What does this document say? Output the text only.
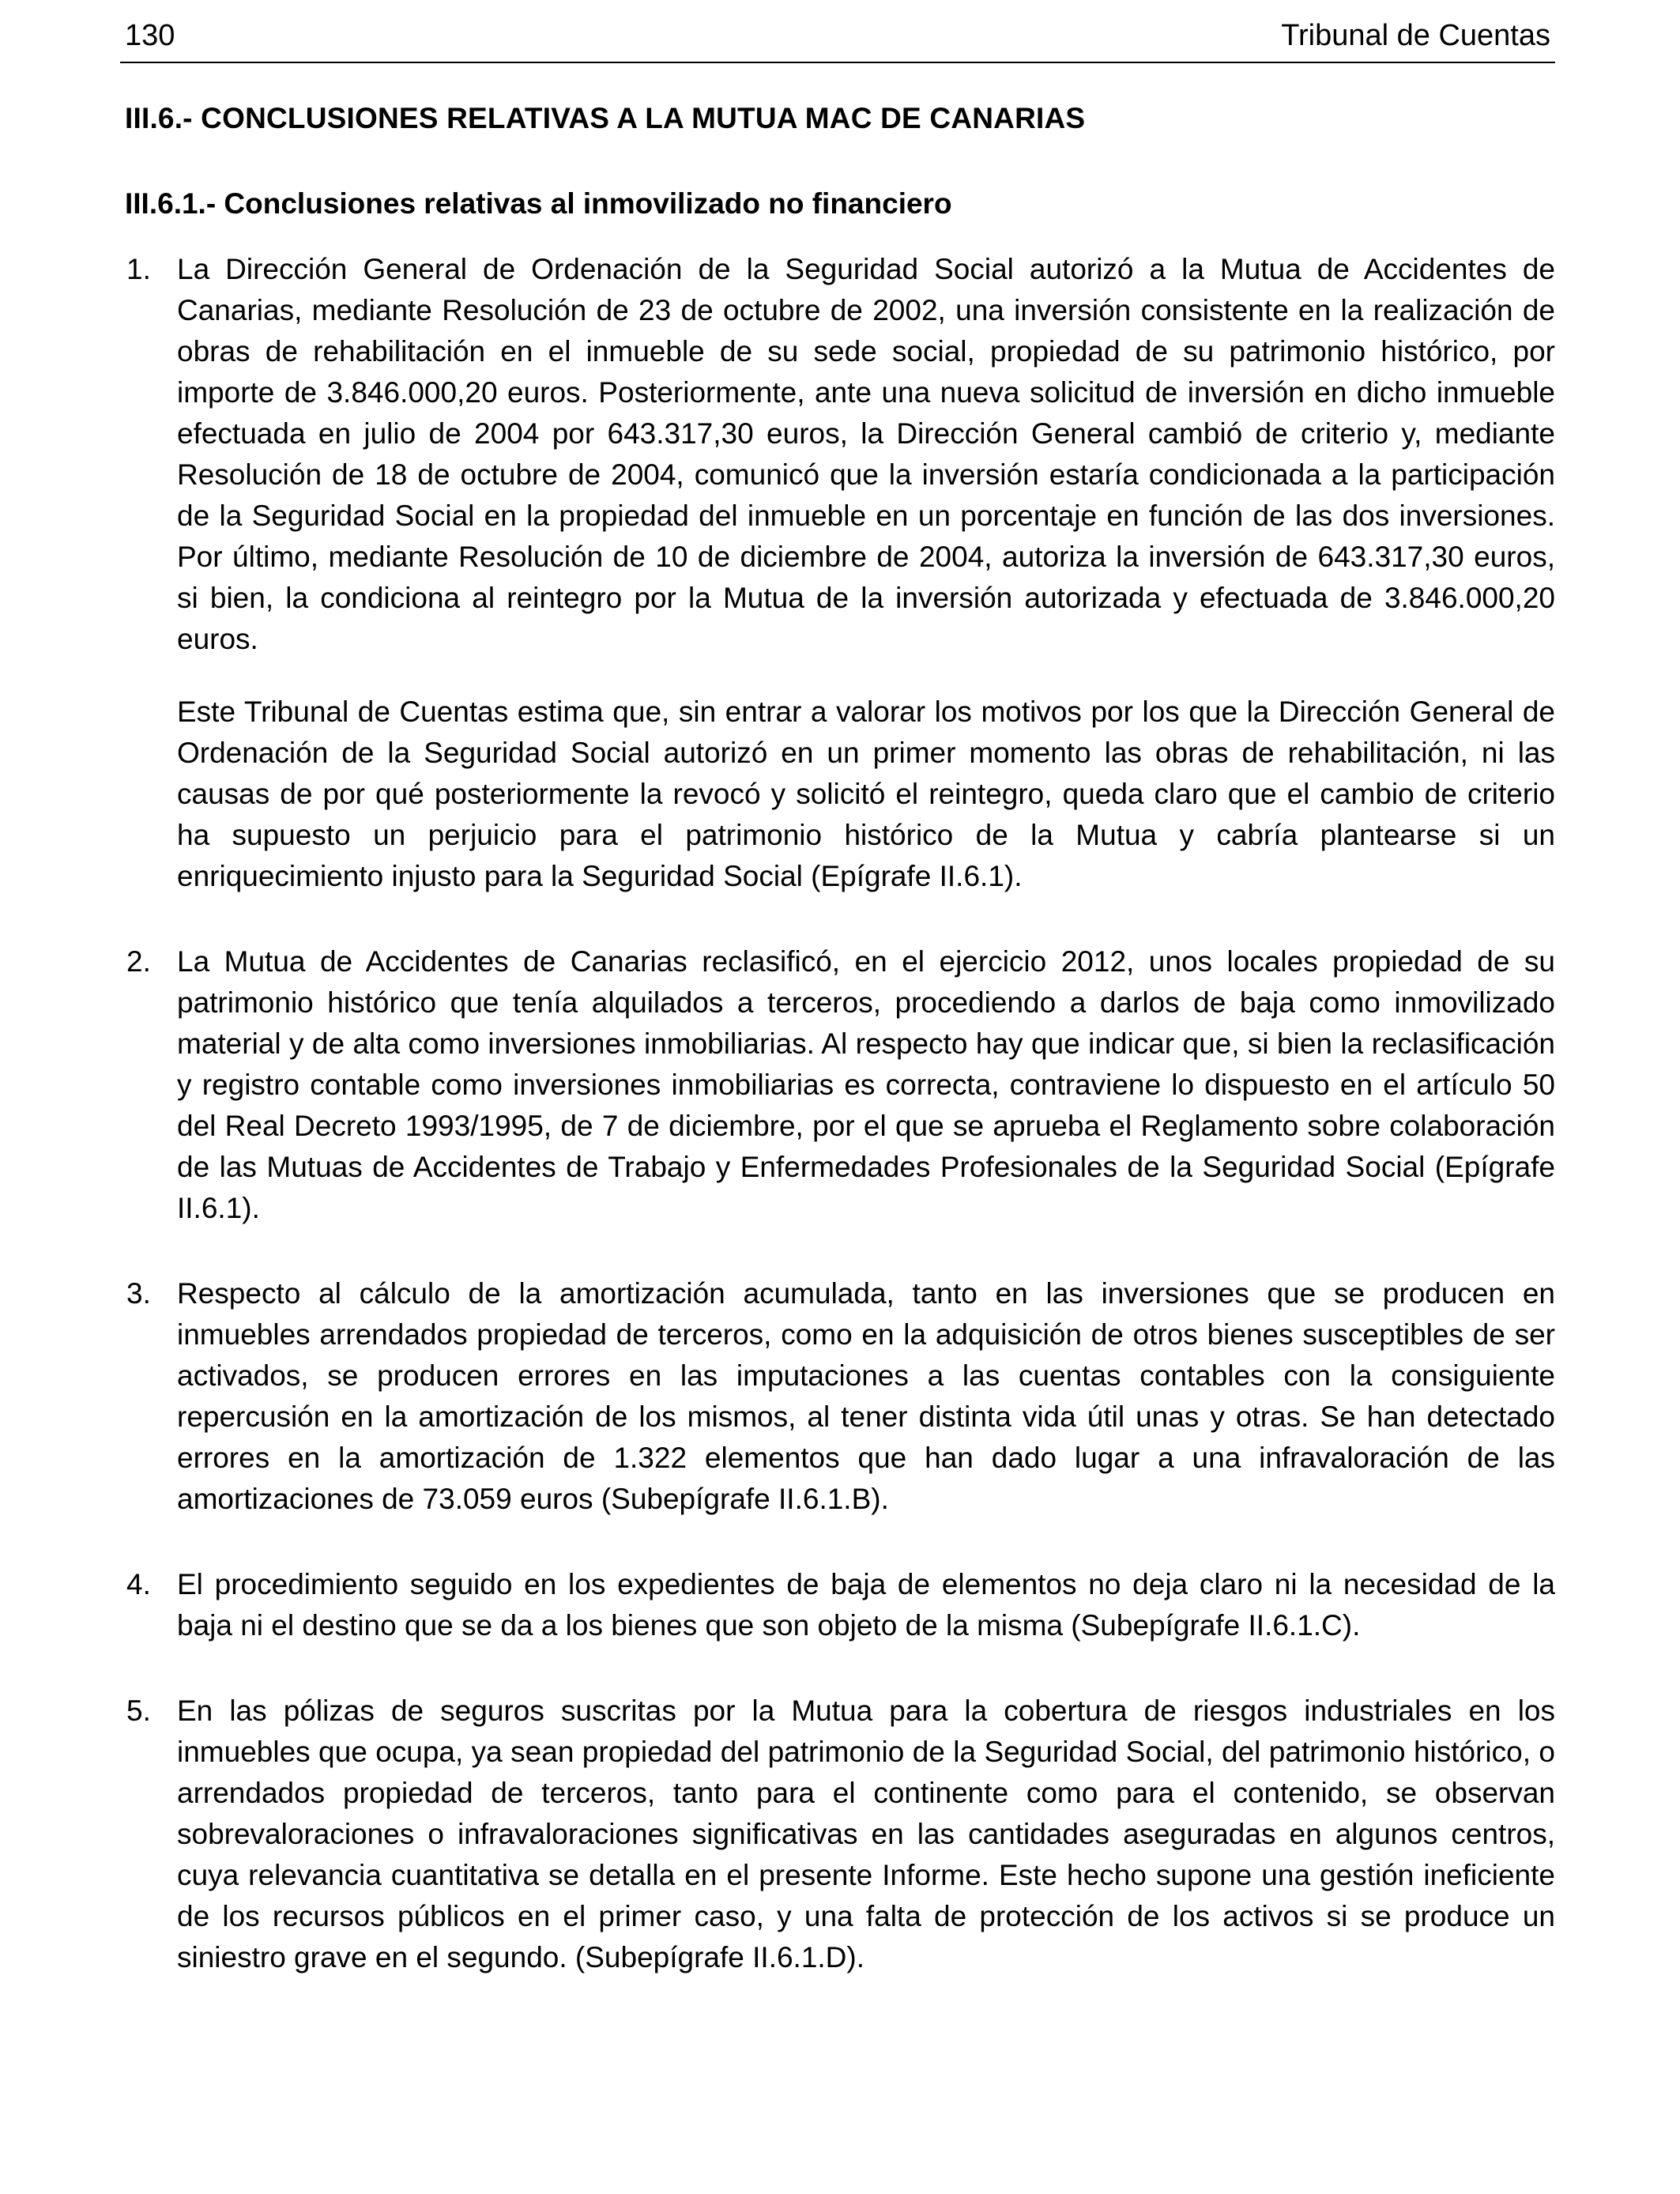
130	Tribunal de Cuentas
III.6.- CONCLUSIONES RELATIVAS A LA MUTUA MAC DE CANARIAS
III.6.1.- Conclusiones relativas al inmovilizado no financiero
1. La Dirección General de Ordenación de la Seguridad Social autorizó a la Mutua de Accidentes de Canarias, mediante Resolución de 23 de octubre de 2002, una inversión consistente en la realización de obras de rehabilitación en el inmueble de su sede social, propiedad de su patrimonio histórico, por importe de 3.846.000,20 euros. Posteriormente, ante una nueva solicitud de inversión en dicho inmueble efectuada en julio de 2004 por 643.317,30 euros, la Dirección General cambió de criterio y, mediante Resolución de 18 de octubre de 2004, comunicó que la inversión estaría condicionada a la participación de la Seguridad Social en la propiedad del inmueble en un porcentaje en función de las dos inversiones. Por último, mediante Resolución de 10 de diciembre de 2004, autoriza la inversión de 643.317,30 euros, si bien, la condiciona al reintegro por la Mutua de la inversión autorizada y efectuada de 3.846.000,20 euros.

Este Tribunal de Cuentas estima que, sin entrar a valorar los motivos por los que la Dirección General de Ordenación de la Seguridad Social autorizó en un primer momento las obras de rehabilitación, ni las causas de por qué posteriormente la revocó y solicitó el reintegro, queda claro que el cambio de criterio ha supuesto un perjuicio para el patrimonio histórico de la Mutua y cabría plantearse si un enriquecimiento injusto para la Seguridad Social (Epígrafe II.6.1).

2. La Mutua de Accidentes de Canarias reclasificó, en el ejercicio 2012, unos locales propiedad de su patrimonio histórico que tenía alquilados a terceros, procediendo a darlos de baja como inmovilizado material y de alta como inversiones inmobiliarias. Al respecto hay que indicar que, si bien la reclasificación y registro contable como inversiones inmobiliarias es correcta, contraviene lo dispuesto en el artículo 50 del Real Decreto 1993/1995, de 7 de diciembre, por el que se aprueba el Reglamento sobre colaboración de las Mutuas de Accidentes de Trabajo y Enfermedades Profesionales de la Seguridad Social (Epígrafe II.6.1).

3. Respecto al cálculo de la amortización acumulada, tanto en las inversiones que se producen en inmuebles arrendados propiedad de terceros, como en la adquisición de otros bienes susceptibles de ser activados, se producen errores en las imputaciones a las cuentas contables con la consiguiente repercusión en la amortización de los mismos, al tener distinta vida útil unas y otras. Se han detectado errores en la amortización de 1.322 elementos que han dado lugar a una infravaloración de las amortizaciones de 73.059 euros (Subepígrafe II.6.1.B).

4. El procedimiento seguido en los expedientes de baja de elementos no deja claro ni la necesidad de la baja ni el destino que se da a los bienes que son objeto de la misma (Subepígrafe II.6.1.C).

5. En las pólizas de seguros suscritas por la Mutua para la cobertura de riesgos industriales en los inmuebles que ocupa, ya sean propiedad del patrimonio de la Seguridad Social, del patrimonio histórico, o arrendados propiedad de terceros, tanto para el continente como para el contenido, se observan sobrevaloraciones o infravaloraciones significativas en las cantidades aseguradas en algunos centros, cuya relevancia cuantitativa se detalla en el presente Informe. Este hecho supone una gestión ineficiente de los recursos públicos en el primer caso, y una falta de protección de los activos si se produce un siniestro grave en el segundo. (Subepígrafe II.6.1.D).
